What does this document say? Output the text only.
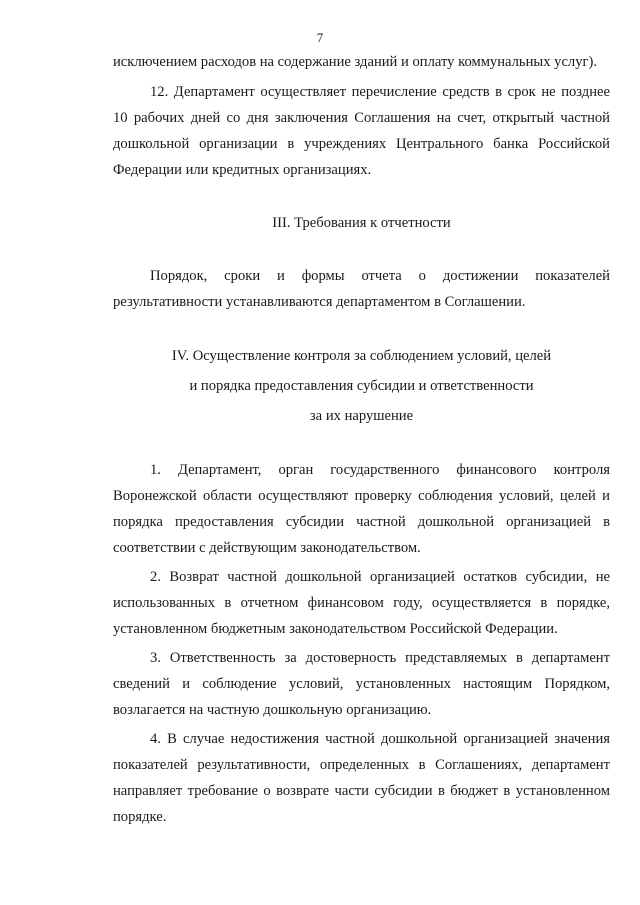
7

исключением расходов на содержание зданий и оплату коммунальных услуг).

12. Департамент осуществляет перечисление средств в срок не позднее 10 рабочих дней со дня заключения Соглашения на счет, открытый частной дошкольной организации в учреждениях Центрального банка Российской Федерации или кредитных организациях.

III. Требования к отчетности

Порядок, сроки и формы отчета о достижении показателей результативности устанавливаются департаментом в Соглашении.

IV. Осуществление контроля за соблюдением условий, целей
и порядка предоставления субсидии и ответственности
за их нарушение

1. Департамент, орган государственного финансового контроля Воронежской области осуществляют проверку соблюдения условий, целей и порядка предоставления субсидии частной дошкольной организацией в соответствии с действующим законодательством.

2. Возврат частной дошкольной организацией остатков субсидии, не использованных в отчетном финансовом году, осуществляется в порядке, установленном бюджетным законодательством Российской Федерации.

3. Ответственность за достоверность представляемых в департамент сведений и соблюдение условий, установленных настоящим Порядком, возлагается на частную дошкольную организацию.

4. В случае недостижения частной дошкольной организацией значения показателей результативности, определенных в Соглашениях, департамент направляет требование о возврате части субсидии в бюджет в установленном порядке.
